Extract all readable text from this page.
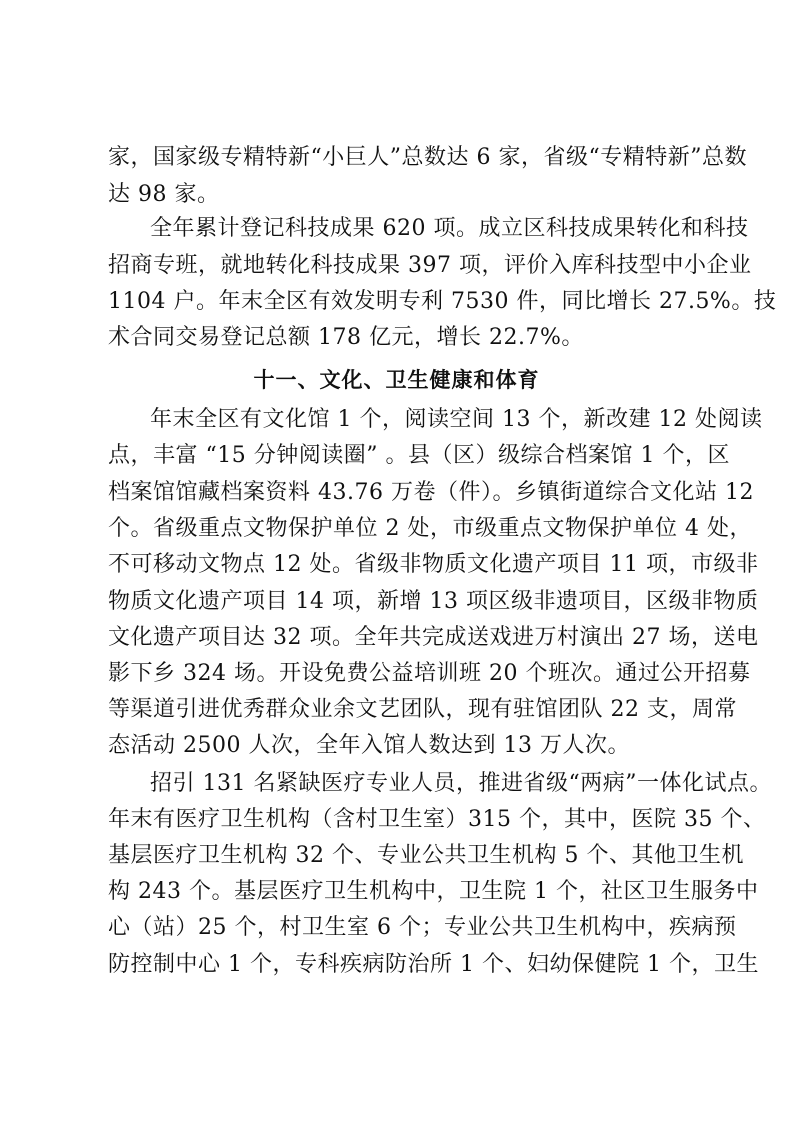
家，国家级专精特新“小巨人”总数达 6 家，省级“专精特新”总数
达 98 家。
全年累计登记科技成果 620 项。成立区科技成果转化和科技
招商专班，就地转化科技成果 397 项，评价入库科技型中小企业
1104 户。年末全区有效发明专利 7530 件，同比增长 27.5%。技
术合同交易登记总额 178 亿元，增长 22.7%。
十一、文化、卫生健康和体育
年末全区有文化馆 1 个，阅读空间 13 个，新改建 12 处阅读
点，丰富 “15 分钟阅读圈” 。县（区）级综合档案馆 1 个，区
档案馆馆藏档案资料 43.76 万卷（件）。乡镇街道综合文化站 12
个。省级重点文物保护单位 2 处，市级重点文物保护单位 4 处，
不可移动文物点 12 处。省级非物质文化遗产项目 11 项，市级非
物质文化遗产项目 14 项，新增 13 项区级非遗项目，区级非物质
文化遗产项目达 32 项。全年共完成送戏进万村演出 27 场，送电
影下乡 324 场。开设免费公益培训班 20 个班次。通过公开招募
等渠道引进优秀群众业余文艺团队，现有驻馆团队 22 支，周常
态活动 2500 人次，全年入馆人数达到 13 万人次。
招引 131 名紧缺医疗专业人员，推进省级“两病”一体化试点。
年末有医疗卫生机构（含村卫生室）315 个，其中，医院 35 个、
基层医疗卫生机构 32 个、专业公共卫生机构 5 个、其他卫生机
构 243 个。基层医疗卫生机构中，卫生院 1 个，社区卫生服务中
心（站）25 个，村卫生室 6 个；专业公共卫生机构中，疾病预
防控制中心 1 个，专科疾病防治所 1 个、妇幼保健院 1 个，卫生
